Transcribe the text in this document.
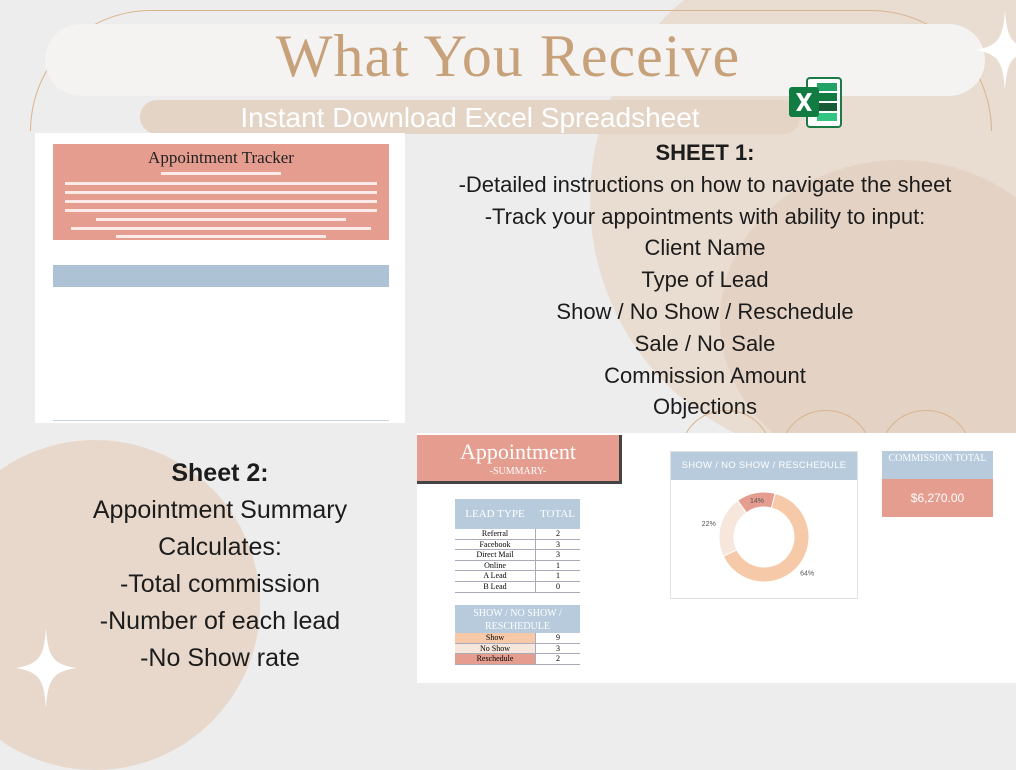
What You Receive
Instant Download Excel Spreadsheet
Appointment Tracker	SHEET 1:
-Detailed instructions on how to navigate the sheet
-Track your appointments with ability to input:
Client Name
Type of Lead
Show / No Show / Reschedule
Sale / No Sale
Commission Amount
Objections
Sheet 2:
Appointment Summary
Calculates:
-Total commission
-Number of each lead
-No Show rate
Appointment
-SUMMARY-
LEAD TYPE	TOTAL
Referral	2
Facebook	3
Direct Mail	3
Online	1
A Lead	1
B Lead	0
SHOW / NO SHOW / RESCHEDULE
Show	9
No Show	3
Reschedule	2
SHOW / NO SHOW / RESCHEDULE
14%
64%
22%
COMMISSION TOTAL
$6,270.00
